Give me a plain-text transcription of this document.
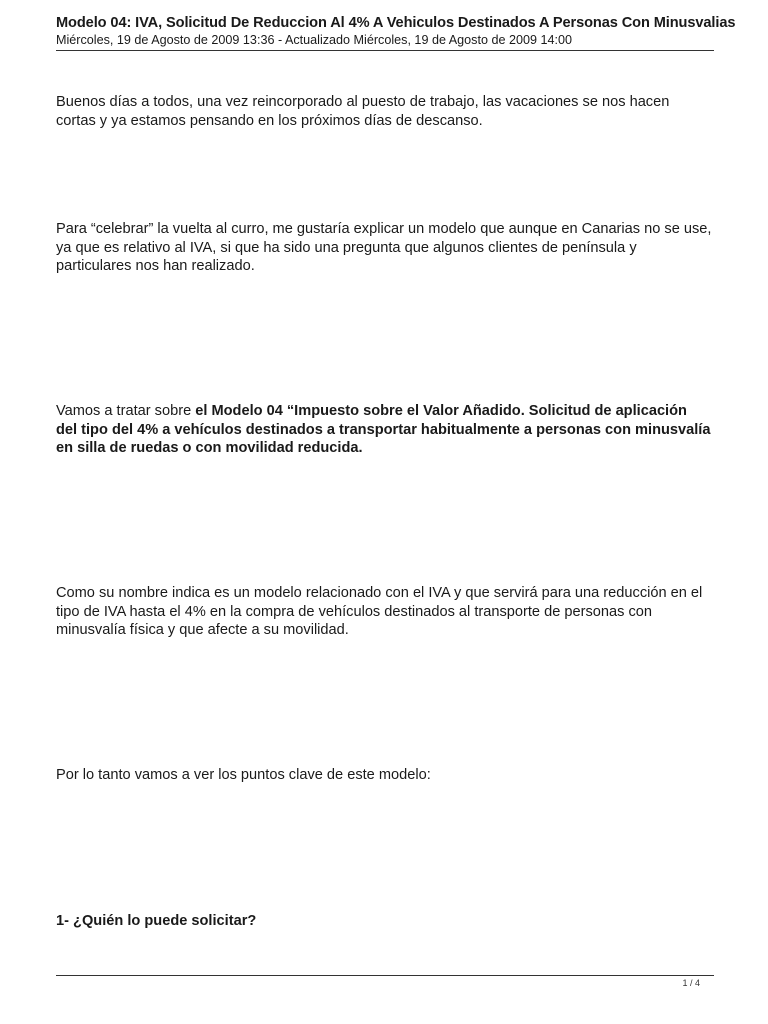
Modelo 04: IVA, Solicitud De Reduccion Al 4% A Vehiculos Destinados A Personas Con Minusvalias
Miércoles, 19 de Agosto de 2009 13:36 - Actualizado Miércoles, 19 de Agosto de 2009 14:00

Buenos días a todos, una vez reincorporado al puesto de trabajo, las vacaciones se nos hacen cortas y ya estamos pensando en los próximos días de descanso.

Para “celebrar” la vuelta al curro, me gustaría explicar un modelo que aunque en Canarias no se use, ya que es relativo al IVA, si que ha sido una pregunta que algunos clientes de península y particulares nos han realizado.

Vamos a tratar sobre el Modelo 04 “Impuesto sobre el Valor Añadido. Solicitud de aplicación del tipo del 4% a vehículos destinados a transportar habitualmente a personas con minusvalía en silla de ruedas o con movilidad reducida.

Como su nombre indica es un modelo relacionado con el IVA y que servirá para una reducción en el tipo de IVA hasta el 4% en la compra de vehículos destinados al transporte de personas con minusvalía física y que afecte a su movilidad.

Por lo tanto vamos a ver los puntos clave de este modelo:

1- ¿Quién lo puede solicitar?

1 / 4
